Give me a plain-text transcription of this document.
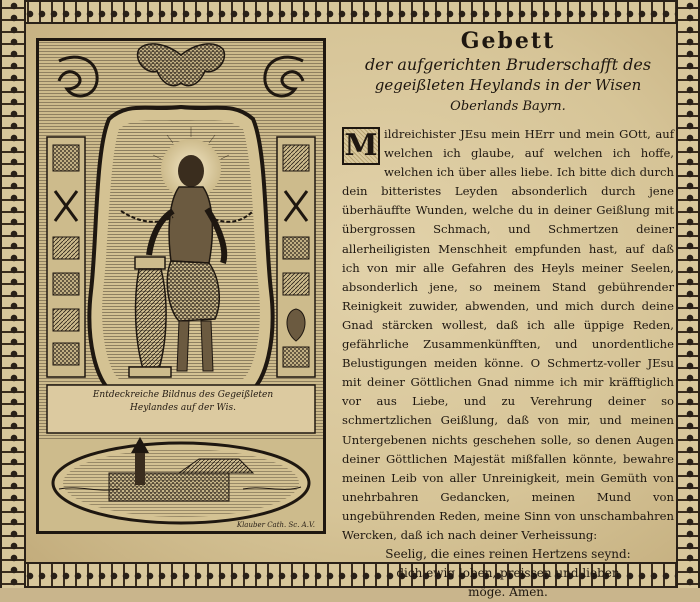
Entdeckreiche Bildnus des Gegeißleten
Heylandes auf der Wis.
Klauber Cath. Sc. A.V.
Gebett
der aufgerichten Bruderschafft des
gegeißleten Heylands in der Wisen
Oberlands Bayrn.
M ildreichister JEsu mein HErr und mein GOtt, auf welchen ich glaube, auf welchen ich hoffe, welchen ich über alles liebe. Ich bitte dich durch dein bitteristes Leyden absonderlich durch jene überhäuffte Wunden, welche du in deiner Geißlung mit übergrossen Schmach, und Schmertzen deiner allerheiligisten Menschheit empfunden hast, auf daß ich von mir alle Gefahren des Heyls meiner Seelen, absonderlich jene, so meinem Stand gebührender Reinigkeit zuwider, abwenden, und mich durch deine Gnad stärcken wollest, daß ich alle üppige Reden, gefährliche Zusammenkünfften, und unordentliche Belustigungen meiden könne. O Schmertz-voller JEsu mit deiner Göttlichen Gnad nimme ich mir kräfftiglich vor aus Liebe, und zu Verehrung deiner so schmertzlichen Geißlung, daß von mir, und meinen Untergebenen nichts geschehen solle, so denen Augen deiner Göttlichen Majestät mißfallen könnte, bewahre meinen Leib von aller Unreinigkeit, mein Gemüth von unehrbahren Gedancken, meinen Mund von ungebührenden Reden, meine Sinn von unschambahren Wercken, daß ich nach deiner Verheissung:
Seelig, die eines reinen Hertzens seynd:
dich ewig loben, preissen und lieben
möge. Amen.
